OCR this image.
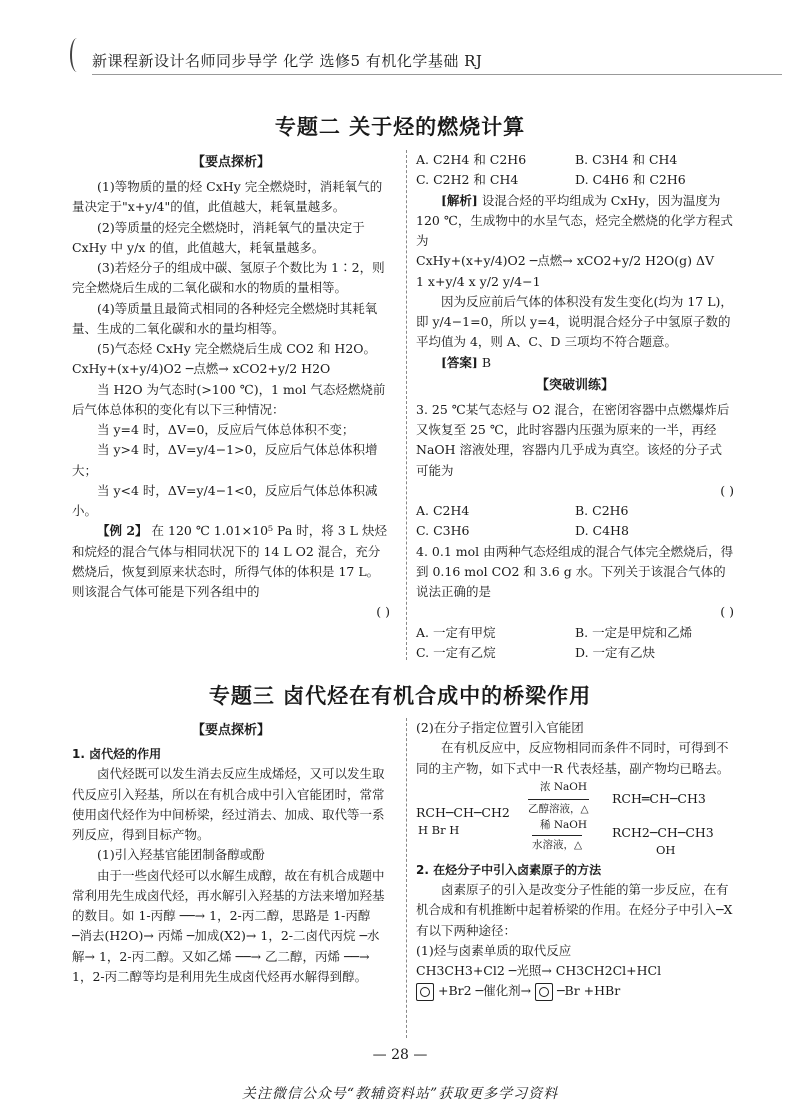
新课程新设计名师同步导学 化学 选修5 有机化学基础 RJ
专题二 关于烃的燃烧计算
【要点探析】

(1)等物质的量的烃 CxHy 完全燃烧时，消耗氧气的量决定于"x+y/4"的值，此值越大，耗氧量越多。

(2)等质量的烃完全燃烧时，消耗氧气的量决定于 CxHy 中 y/x 的值，此值越大，耗氧量越多。

(3)若烃分子的组成中碳、氢原子个数比为 1∶2，则完全燃烧后生成的二氧化碳和水的物质的量相等。

(4)等质量且最简式相同的各种烃完全燃烧时其耗氧量、生成的二氧化碳和水的量均相等。

(5)气态烃 CxHy 完全燃烧后生成 CO2 和 H2O。

CxHy+(x+y/4)O2 ─点燃→ xCO2+y/2 H2O

当 H2O 为气态时(>100 ℃)，1 mol 气态烃燃烧前后气体总体积的变化有以下三种情况：

当 y=4 时，ΔV=0，反应后气体总体积不变；

当 y>4 时，ΔV=y/4−1>0，反应后气体总体积增大；

当 y<4 时，ΔV=y/4−1<0，反应后气体总体积减小。

【例 2】 在 120 ℃ 1.01×10⁵ Pa 时，将 3 L 炔烃和烷烃的混合气体与相同状况下的 14 L O2 混合，充分燃烧后，恢复到原来状态时，所得气体的体积是 17 L。则该混合气体可能是下列各组中的

( )

A. C2H4 和 C2H6	B. C3H4 和 CH4
C. C2H2 和 CH4	D. C4H6 和 C2H6

[解析] 设混合烃的平均组成为 CxHy，因为温度为 120 ℃，生成物中的水呈气态，烃完全燃烧的化学方程式为

CxHy+(x+y/4)O2 ─点燃→ xCO2+y/2 H2O(g) ΔV

1 x+y/4 x y/2 y/4−1

因为反应前后气体的体积没有发生变化(均为 17 L)，即 y/4−1=0，所以 y=4，说明混合烃分子中氢原子数的平均值为 4，则 A、C、D 三项均不符合题意。

[答案] B

【突破训练】

3. 25 ℃某气态烃与 O2 混合，在密闭容器中点燃爆炸后又恢复至 25 ℃，此时容器内压强为原来的一半，再经 NaOH 溶液处理，容器内几乎成为真空。该烃的分子式可能为

( )

A. C2H4	B. C2H6
C. C3H6	D. C4H8

4. 0.1 mol 由两种气态烃组成的混合气体完全燃烧后，得到 0.16 mol CO2 和 3.6 g 水。下列关于该混合气体的说法正确的是

( )

A. 一定有甲烷	B. 一定是甲烷和乙烯
C. 一定有乙烷	D. 一定有乙炔
专题三 卤代烃在有机合成中的桥梁作用
【要点探析】

1. 卤代烃的作用

卤代烃既可以发生消去反应生成烯烃，又可以发生取代反应引入羟基，所以在有机合成中引入官能团时，常常使用卤代烃作为中间桥梁，经过消去、加成、取代等一系列反应，得到目标产物。

(1)引入羟基官能团制备醇或酚

由于一些卤代烃可以水解生成醇，故在有机合成题中常利用先生成卤代烃，再水解引入羟基的方法来增加羟基的数目。如 1-丙醇 ──→ 1，2-丙二醇，思路是 1-丙醇

─消去(H2O)→ 丙烯 ─加成(X2)→ 1，2-二卤代丙烷 ─水解→ 1，2-丙二醇。又如乙烯 ──→ 乙二醇，丙烯 ──→ 1，2-丙二醇等均是利用先生成卤代烃再水解得到醇。

(2)在分子指定位置引入官能团

在有机反应中，反应物相同而条件不同时，可得到不同的主产物，如下式中一R 代表烃基，副产物均已略去。

RCH─CH─CH2
H Br H
浓 NaOH
乙醇溶液，△
RCH═CH─CH3
稀 NaOH
水溶液，△
RCH2─CH─CH3
OH

2. 在烃分子中引入卤素原子的方法

卤素原子的引入是改变分子性能的第一步反应，在有机合成和有机推断中起着桥梁的作用。在烃分子中引入─X 有以下两种途径：

(1)烃与卤素单质的取代反应

CH3CH3+Cl2 ─光照→ CH3CH2Cl+HCl

+Br2 ─催化剂→ ─Br +HBr

— 28 —
关注微信公众号“教辅资料站”获取更多学习资料
